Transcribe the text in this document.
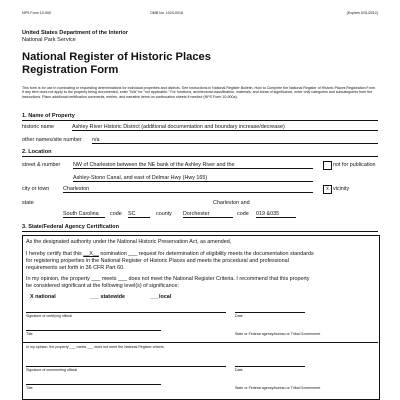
NPS Form 10-900	OMB No. 1024-0018	(Expires 5/31/2012)
United States Department of the Interior
National Park Service
National Register of Historic Places
Registration Form
This form is for use in nominating or requesting determinations for individual properties and districts. See instructions in National Register Bulletin, How to Complete the National Register of Historic Places Registration Form. If any item does not apply to the property being documented, enter "N/A" for "not applicable." For functions, architectural classification, materials, and areas of significance, enter only categories and subcategories from the instructions. Place additional certification comments, entries, and narrative items on continuation sheets if needed (NPS Form 10-900a).
1. Name of Property
historic name	Ashley River Historic District (additional documentation and boundary increase/decrease)
other names/site number n/a
2. Location
street & number NW of Charleston between the NE bank of the Ashley River and the
Ashley-Stono Canal, and east of Delmar Hwy (Hwy 165)
not for publication
city or town	Charleston	x vicinity
state
South Carolina	code SC	county
Charleston and
Dorchester	code 019 &035
3. State/Federal Agency Certification
As the designated authority under the National Historic Preservation Act, as amended,
I hereby certify that this __X__ nomination ___ request for determination of eligibility meets the documentation standards
for registering properties in the National Register of Historic Places and meets the procedural and professional
requirements set forth in 36 CFR Part 60.
In my opinion, the property ___ meets ___ does not meet the National Register Criteria. I recommend that this property
be considered significant at the following level(s) of significance:
X national	___ statewide	___local
Signature of certifying official	Date
Title	State or Federal agency/bureau or Tribal Government
In my opinion, the property ___ meets ___ does not meet the National Register criteria.
Signature of commenting official	Date
Title	State or Federal agency/bureau or Tribal Government
